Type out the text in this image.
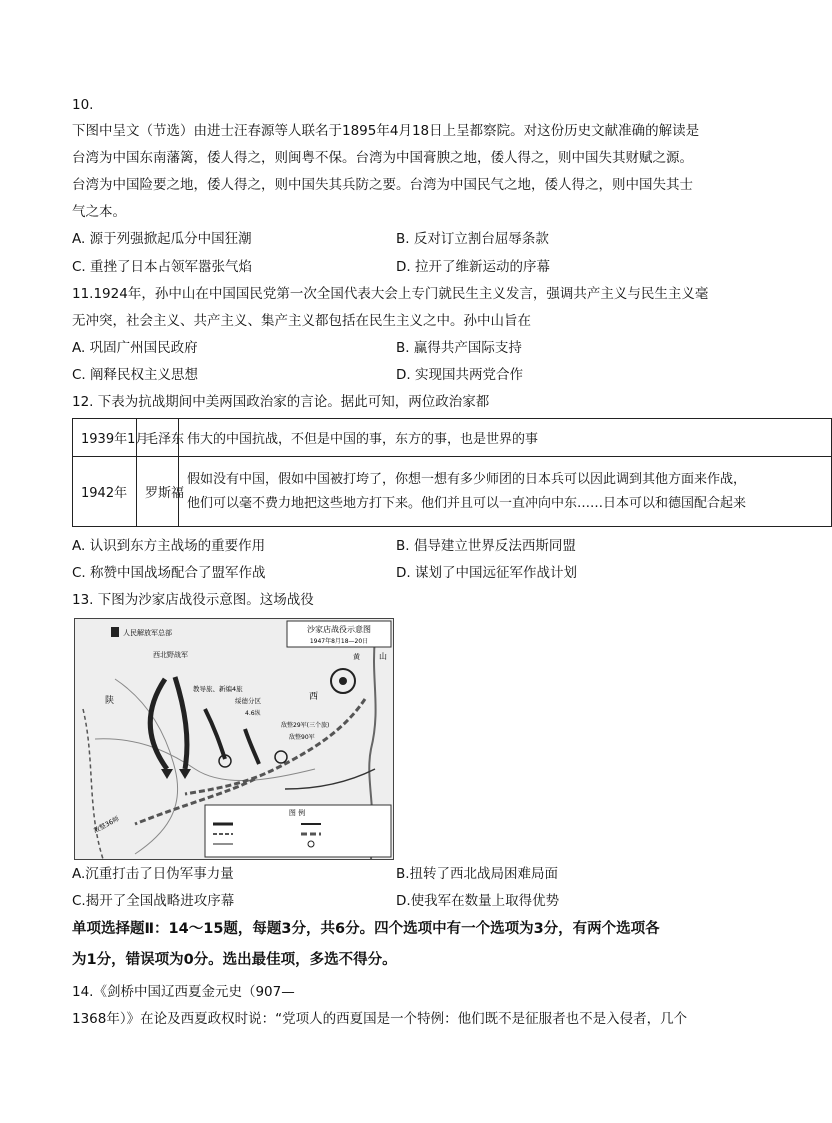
10.
下图中呈文（节选）由进士汪春源等人联名于1895年4月18日上呈都察院。对这份历史文献准确的解读是
台湾为中国东南藩篱，倭人得之，则闽粤不保。台湾为中国膏腴之地，倭人得之，则中国失其财赋之源。
台湾为中国险要之地，倭人得之，则中国失其兵防之要。台湾为中国民气之地，倭人得之，则中国失其士
气之本。
A. 源于列强掀起瓜分中国狂潮	B. 反对订立割台屈辱条款
C. 重挫了日本占领军嚣张气焰	D. 拉开了维新运动的序幕
11.1924年，孙中山在中国国民党第一次全国代表大会上专门就民生主义发言，强调共产主义与民生主义毫
无冲突，社会主义、共产主义、集产主义都包括在民生主义之中。孙中山旨在
A. 巩固广州国民政府	B. 赢得共产国际支持
C. 阐释民权主义思想	D. 实现国共两党合作
12. 下表为抗战期间中美两国政治家的言论。据此可知，两位政治家都
1939年1月	毛泽东	伟大的中国抗战，不但是中国的事，东方的事，也是世界的事
1942年	罗斯福	假如没有中国，假如中国被打垮了，你想一想有多少师团的日本兵可以因此调到其他方面来作战，
他们可以毫不费力地把这些地方打下来。他们并且可以一直冲向中东……日本可以和德国配合起来
A. 认识到东方主战场的重要作用	B. 倡导建立世界反法西斯同盟
C. 称赞中国战场配合了盟军作战	D. 谋划了中国远征军作战计划
13. 下图为沙家店战役示意图。这场战役
沙家店战役示意图
1947年8月18—20日
人民解放军总部
西北野战军
教导旅、新编4旅
绥德分区
4.6纵
敌整29军(三个旅)
敌整90军
敌整36师
陕	西
山
黄
图 例
A.沉重打击了日伪军事力量	B.扭转了西北战局困难局面
C.揭开了全国战略进攻序幕	D.使我军在数量上取得优势
单项选择题Ⅱ：14～15题，每题3分，共6分。四个选项中有一个选项为3分，有两个选项各
为1分，错误项为0分。选出最佳项，多选不得分。
14.《剑桥中国辽西夏金元史（907—
1368年）》在论及西夏政权时说：“党项人的西夏国是一个特例：他们既不是征服者也不是入侵者，几个
